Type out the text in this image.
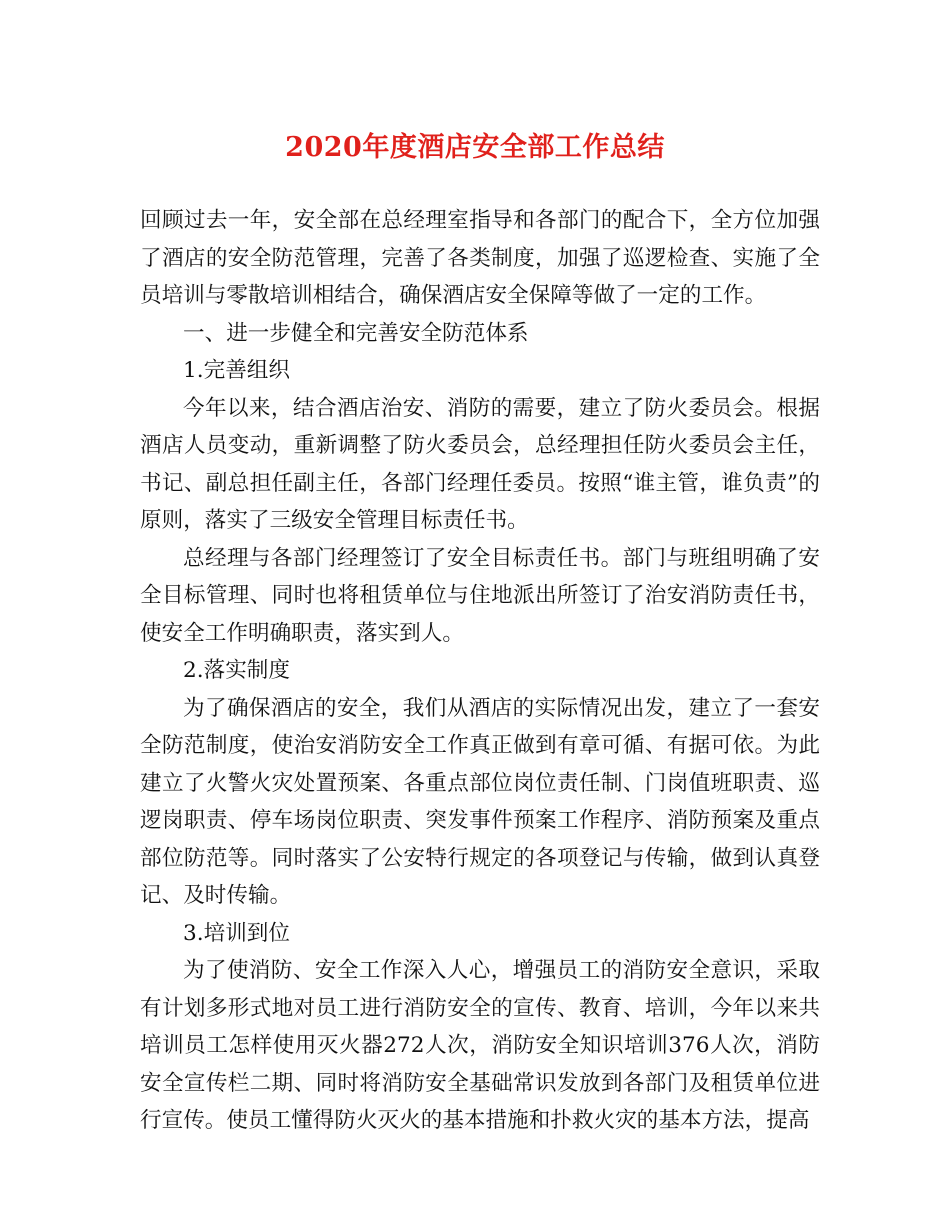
2020年度酒店安全部工作总结

回顾过去一年，安全部在总经理室指导和各部门的配合下，全方位加强了酒店的安全防范管理，完善了各类制度，加强了巡逻检查、实施了全员培训与零散培训相结合，确保酒店安全保障等做了一定的工作。

一、进一步健全和完善安全防范体系

1.完善组织

今年以来，结合酒店治安、消防的需要，建立了防火委员会。根据酒店人员变动，重新调整了防火委员会，总经理担任防火委员会主任，书记、副总担任副主任，各部门经理任委员。按照“谁主管，谁负责”的原则，落实了三级安全管理目标责任书。

总经理与各部门经理签订了安全目标责任书。部门与班组明确了安全目标管理、同时也将租赁单位与住地派出所签订了治安消防责任书，使安全工作明确职责，落实到人。

2.落实制度

为了确保酒店的安全，我们从酒店的实际情况出发，建立了一套安全防范制度，使治安消防安全工作真正做到有章可循、有据可依。为此建立了火警火灾处置预案、各重点部位岗位责任制、门岗值班职责、巡逻岗职责、停车场岗位职责、突发事件预案工作程序、消防预案及重点部位防范等。同时落实了公安特行规定的各项登记与传输，做到认真登记、及时传输。

3.培训到位

为了使消防、安全工作深入人心，增强员工的消防安全意识，采取有计划多形式地对员工进行消防安全的宣传、教育、培训，今年以来共培训员工怎样使用灭火器272人次，消防安全知识培训376人次，消防安全宣传栏二期、同时将消防安全基础常识发放到各部门及租赁单位进行宣传。使员工懂得防火灭火的基本措施和扑救火灾的基本方法，提高
